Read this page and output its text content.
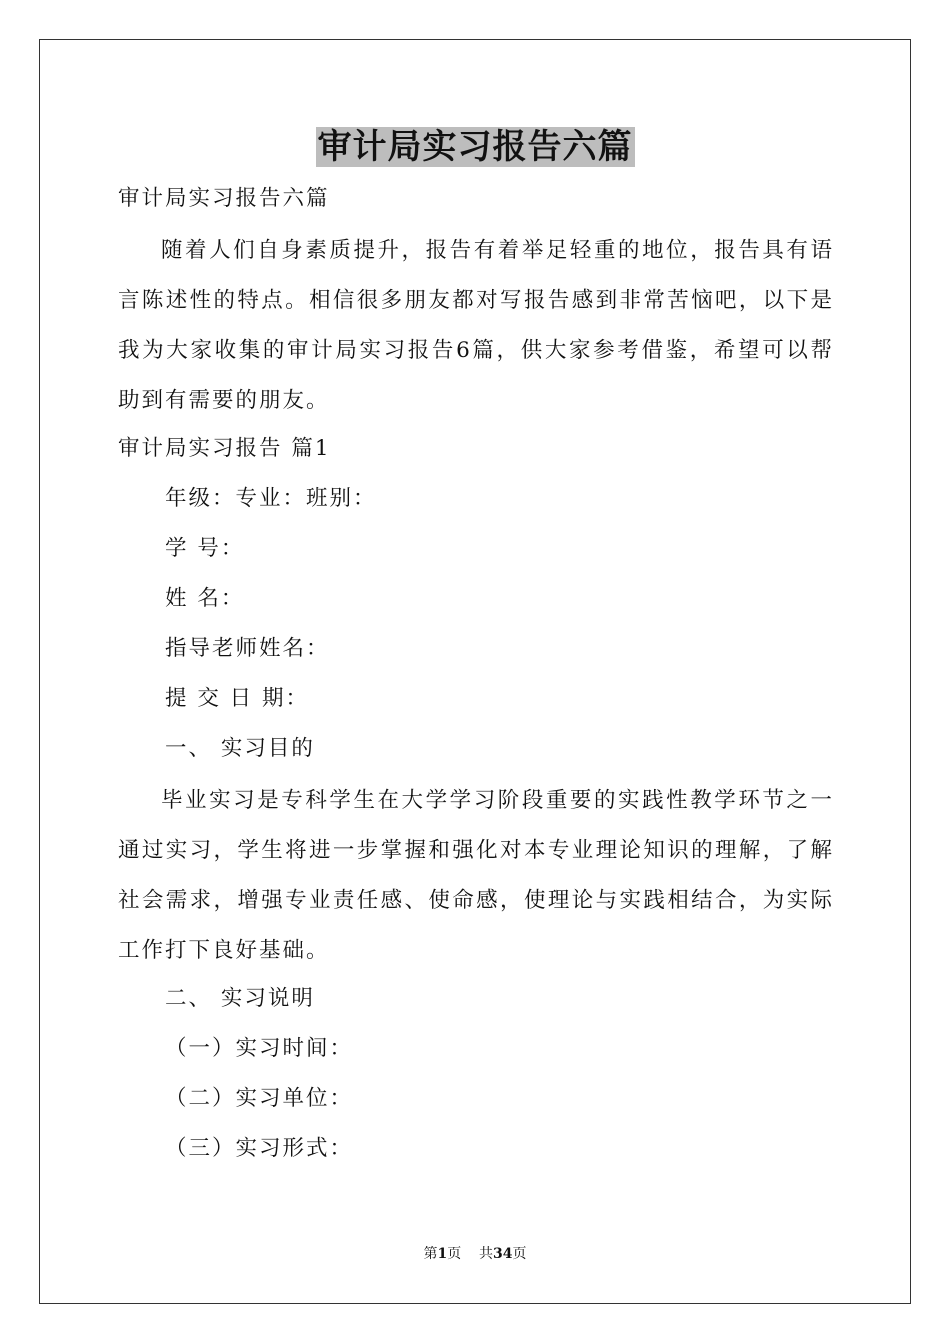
审计局实习报告六篇
审计局实习报告六篇

随着人们自身素质提升，报告有着举足轻重的地位，报告具有语言陈述性的特点。相信很多朋友都对写报告感到非常苦恼吧，以下是我为大家收集的审计局实习报告6篇，供大家参考借鉴，希望可以帮助到有需要的朋友。

审计局实习报告 篇1
年级：专业：班别：
学 号：
姓 名：
指导老师姓名：
提 交 日 期：
一、 实习目的

毕业实习是专科学生在大学学习阶段重要的实践性教学环节之一通过实习，学生将进一步掌握和强化对本专业理论知识的理解，了解社会需求，增强专业责任感、使命感，使理论与实践相结合，为实际工作打下良好基础。

二、 实习说明
（一）实习时间：
（二）实习单位：
（三）实习形式：
第1页 共34页
